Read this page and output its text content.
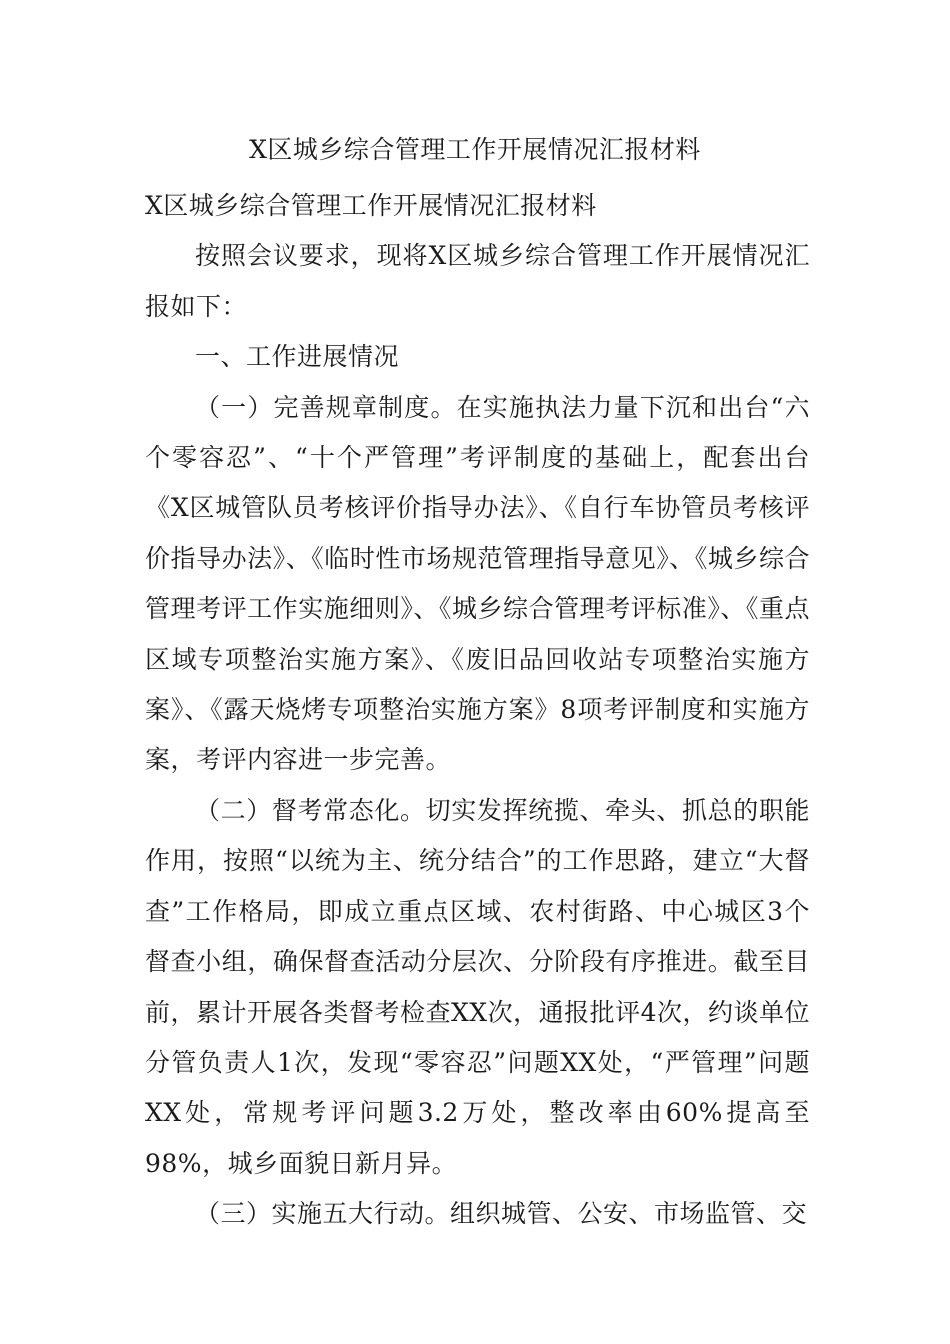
X区城乡综合管理工作开展情况汇报材料

X区城乡综合管理工作开展情况汇报材料

按照会议要求，现将X区城乡综合管理工作开展情况汇报如下：

一、工作进展情况

（一）完善规章制度。在实施执法力量下沉和出台“六个零容忍”、“十个严管理”考评制度的基础上，配套出台《X区城管队员考核评价指导办法》、《自行车协管员考核评价指导办法》、《临时性市场规范管理指导意见》、《城乡综合管理考评工作实施细则》、《城乡综合管理考评标准》、《重点区域专项整治实施方案》、《废旧品回收站专项整治实施方案》、《露天烧烤专项整治实施方案》8项考评制度和实施方案，考评内容进一步完善。

（二）督考常态化。切实发挥统揽、牵头、抓总的职能作用，按照“以统为主、统分结合”的工作思路，建立“大督查”工作格局，即成立重点区域、农村街路、中心城区3个督查小组，确保督查活动分层次、分阶段有序推进。截至目前，累计开展各类督考检查XX次，通报批评4次，约谈单位分管负责人1次，发现“零容忍”问题XX处，“严管理”问题XX处，常规考评问题3.2万处，整改率由60%提高至98%，城乡面貌日新月异。

（三）实施五大行动。组织城管、公安、市场监管、交
